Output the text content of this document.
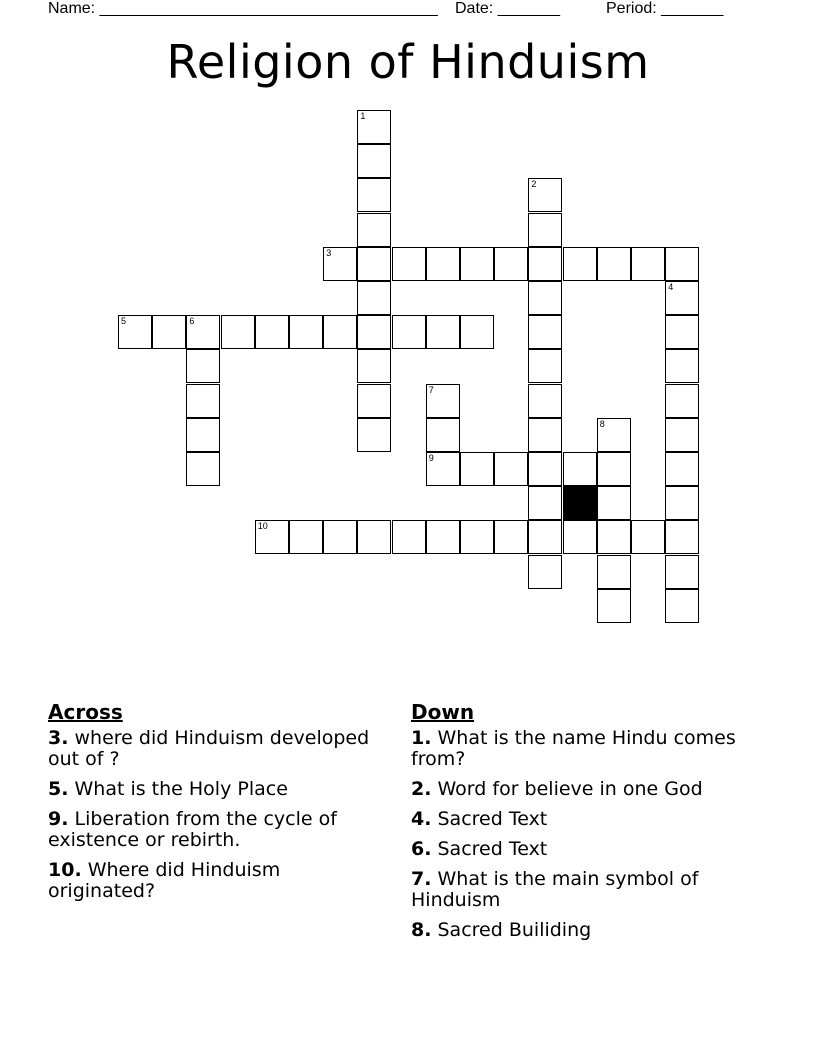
Name: ______________________________________ Date: _______	Period: _______
Religion of Hinduism
1
2
4
6
7
9
8
3
5
10
Across
3. where did Hinduism developed out of ?
5. What is the Holy Place
9. Liberation from the cycle of existence or rebirth.
10. Where did Hinduism originated?
Down
1. What is the name Hindu comes from?
2. Word for believe in one God
4. Sacred Text
6. Sacred Text
7. What is the main symbol of Hinduism
8. Sacred Builiding
